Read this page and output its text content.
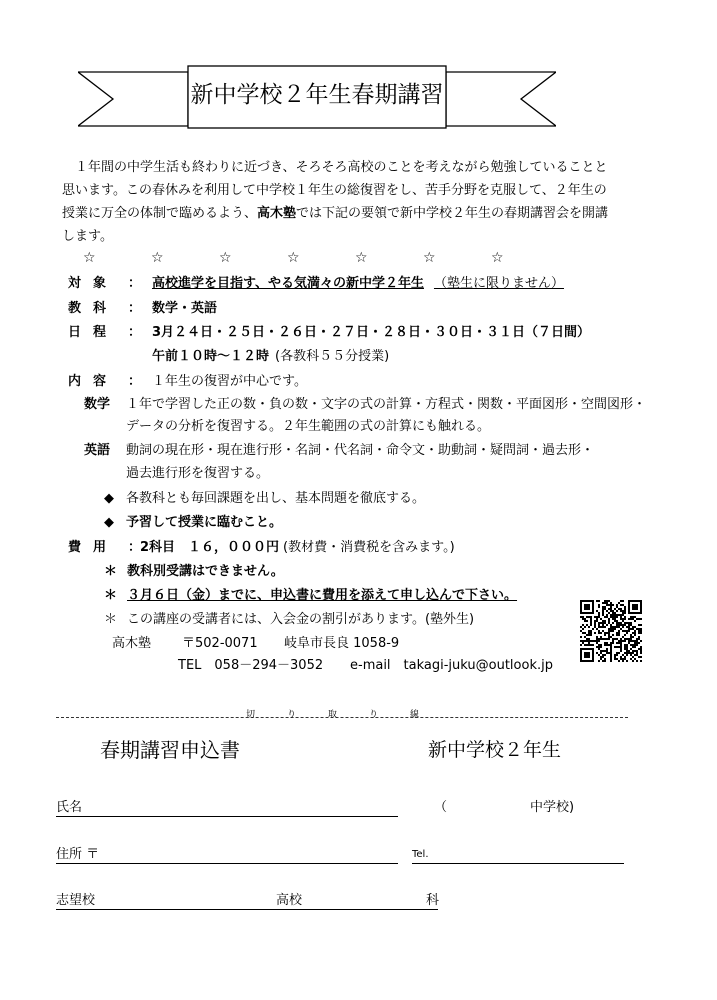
新中学校２年生春期講習
１年間の中学生活も終わりに近づき、そろそろ高校のことを考えながら勉強していることと
思います。この春休みを利用して中学校１年生の総復習をし、苦手分野を克服して、２年生の
授業に万全の体制で臨めるよう、高木塾では下記の要領で新中学校２年生の春期講習会を開講
します。
☆	☆	☆	☆	☆	☆	☆
対象 ： 高校進学を目指す、やる気満々の新中学２年生 （塾生に限りません）
教科 ： 数学・英語
日程 ： 3月２４日・２５日・２６日・２７日・２８日・３０日・３１日（７日間）
午前１０時～１２時 (各教科５５分授業)
内容 ： １年生の復習が中心です。
数学 １年で学習した正の数・負の数・文字の式の計算・方程式・関数・平面図形・空間図形・
データの分析を復習する。２年生範囲の式の計算にも触れる。
英語 動詞の現在形・現在進行形・名詞・代名詞・命令文・助動詞・疑問詞・過去形・
過去進行形を復習する。
◆ 各教科とも毎回課題を出し、基本問題を徹底する。
◆ 予習して授業に臨むこと。
費用 ：
2科目　１６，０００円 (教材費・消費税を含みます。)
＊ 教科別受講はできません。
＊ ３月６日（金）までに、申込書に費用を添えて申し込んで下さい。
＊ この講座の受講者には、入会金の割引があります。(塾外生)
高木塾 〒502-0071 岐阜市長良 1058-9
TEL　058－294－3052 e-mail　takagi-juku@outlook.jp
切	り	取	り	線
春期講習申込書	新中学校２年生
氏名	（	中学校)
住所 〒	Tel.
志望校	高校	科
